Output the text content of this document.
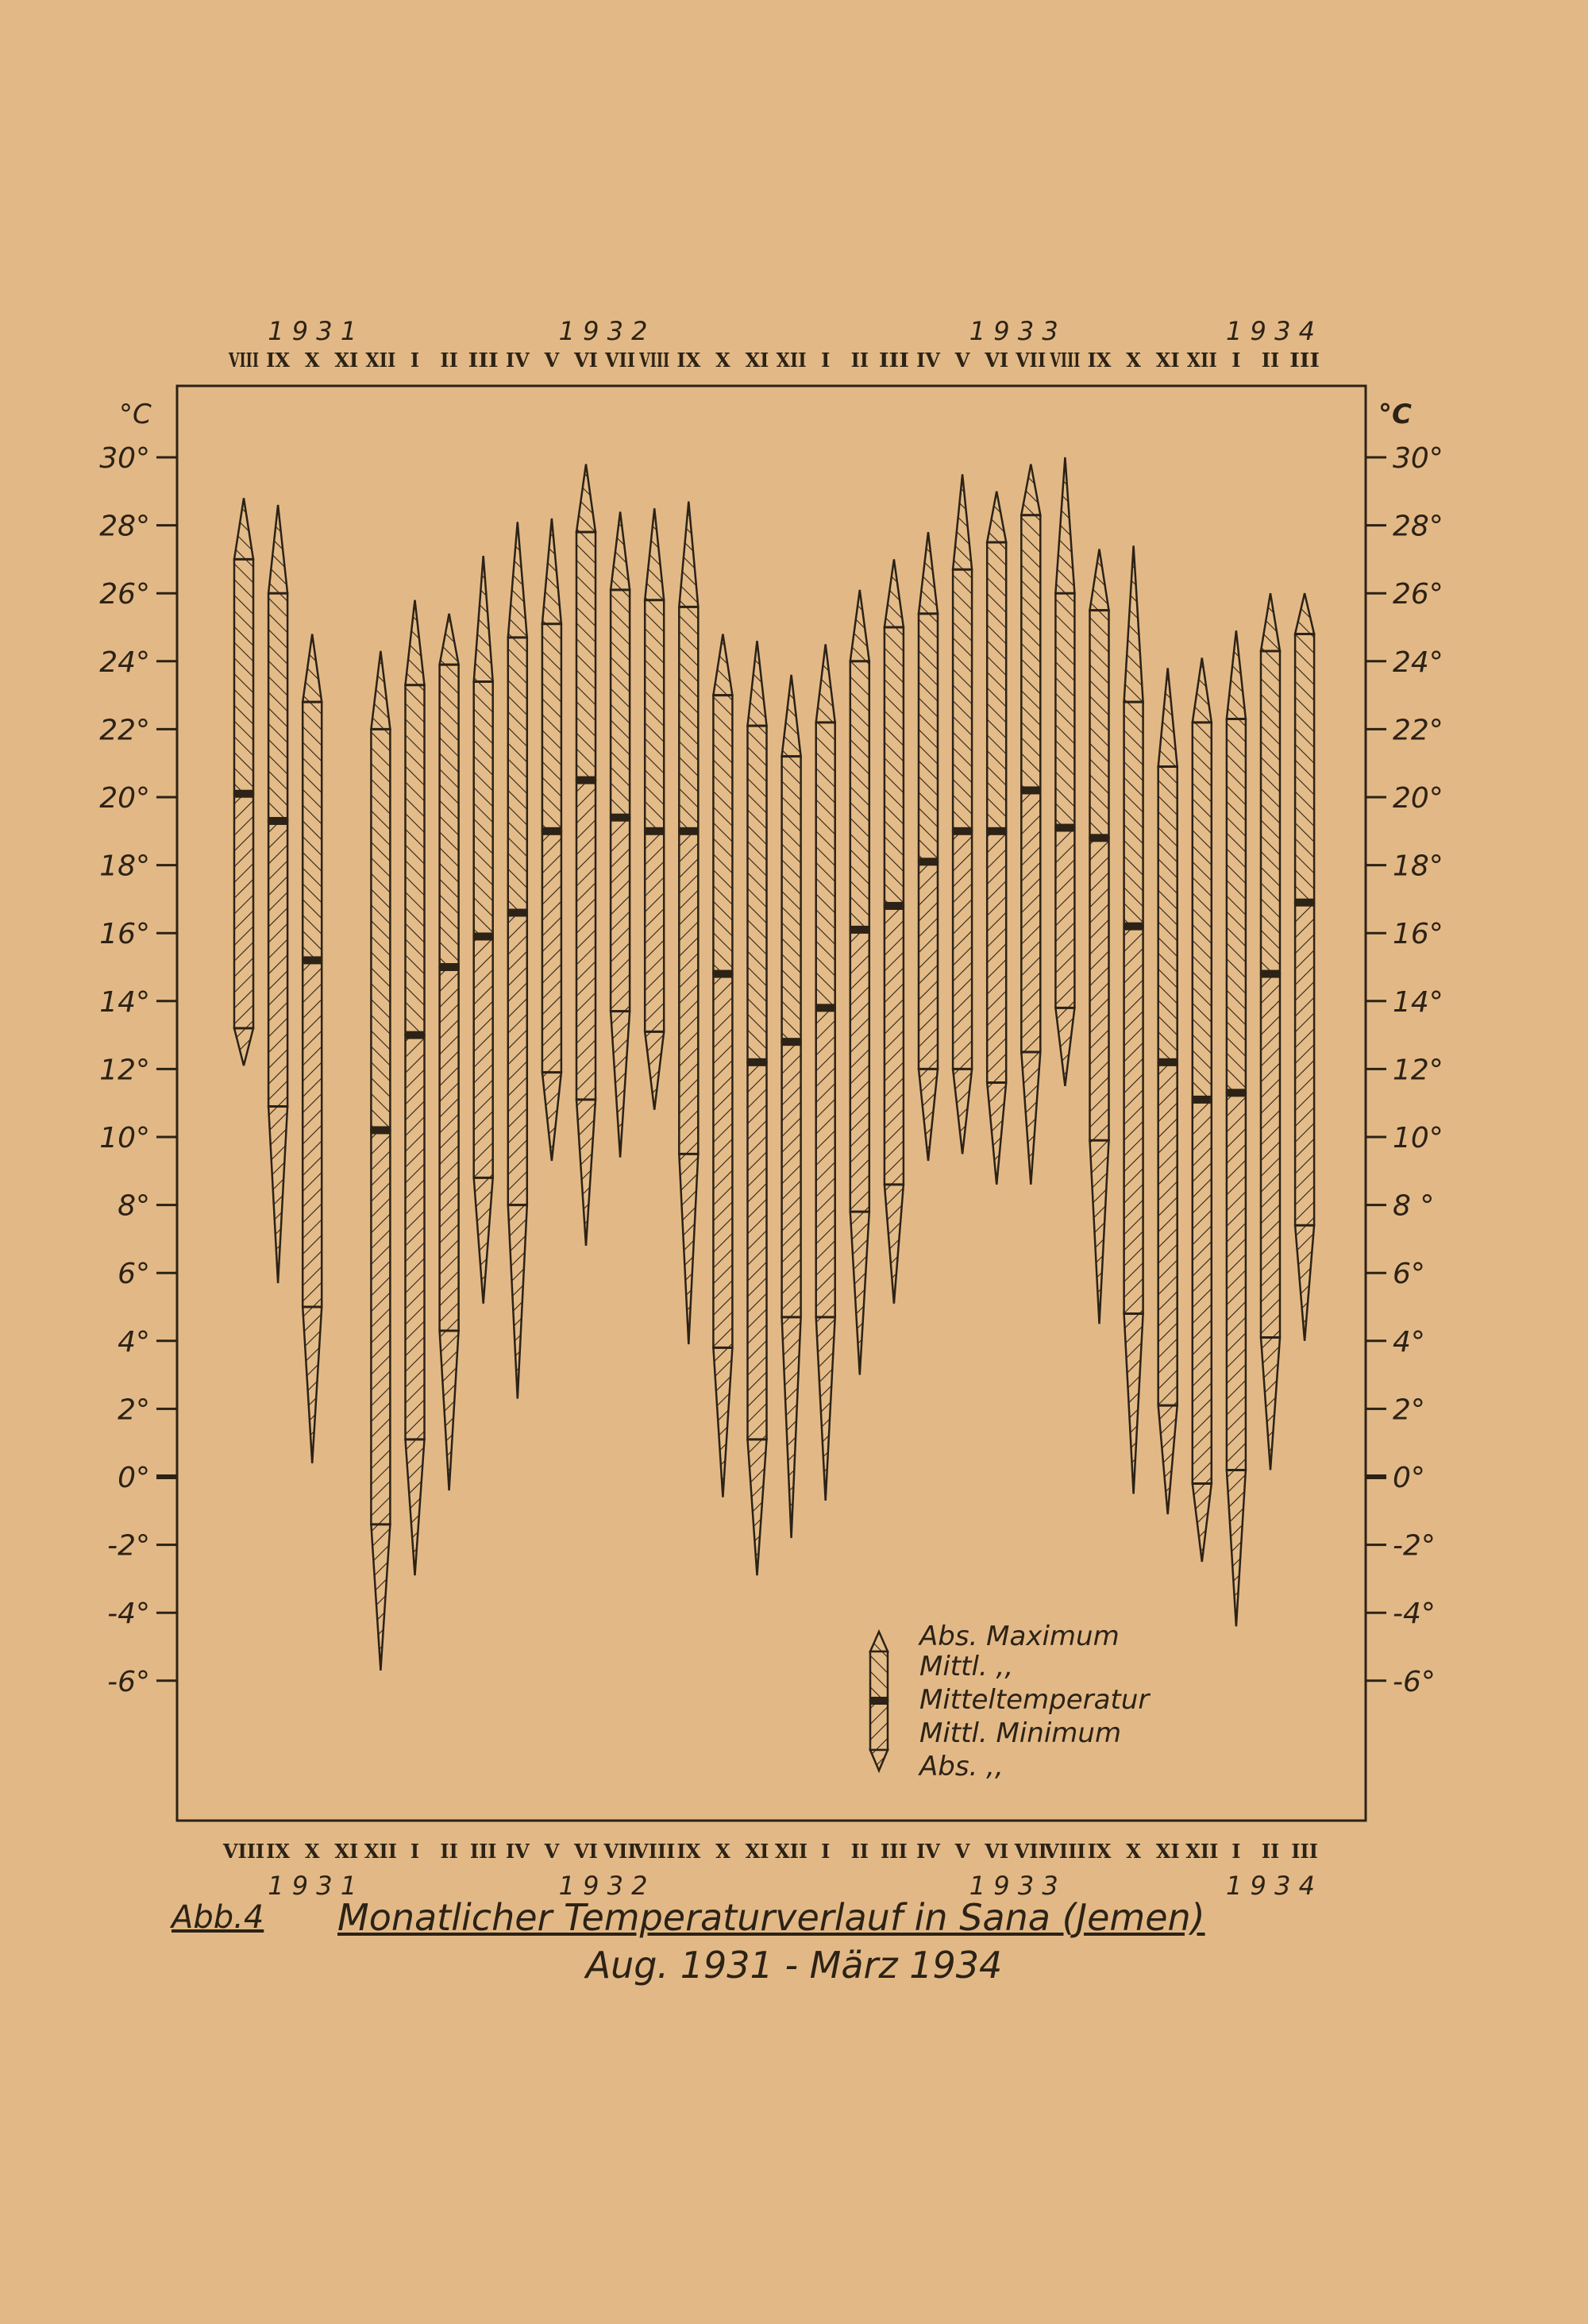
°C	°C
30°	30°
28°	28°
26°	26°
24°	24°
22°	22°
20°	20°
18°	18°
16°	16°
14°	14°
12°	12°
10°	10°
8°	8 °
6°	6°
4°	4°
2°	2°
0°	0°
-2°	-2°
-4°	-4°
-6°	-6°
VIII
VIII
IX
IX
X
X
XI
XI
XII
XII
I
I
II
II
III
III
IV
IV
V
V
VI
VI
VII
VII
VIII
VIII
IX
IX
X
X
XI
XI
XII
XII
I
I
II
II
III
III
IV
IV
V
V
VI
VI
VII
VII
VIII
VIII
IX
IX
X
X
XI
XI
XII
XII
I
I
II
II
III
III
1 9 3 1
1 9 3 1
1 9 3 2
1 9 3 2
1 9 3 3
1 9 3 3
1 9 3 4
1 9 3 4
Abs. Maximum
Mittl. ,,
Mitteltemperatur
Mittl. Minimum
Abs. ,,
Abb.4 Monatlicher Temperaturverlauf in Sana (Jemen)
Aug. 1931 - März 1934
